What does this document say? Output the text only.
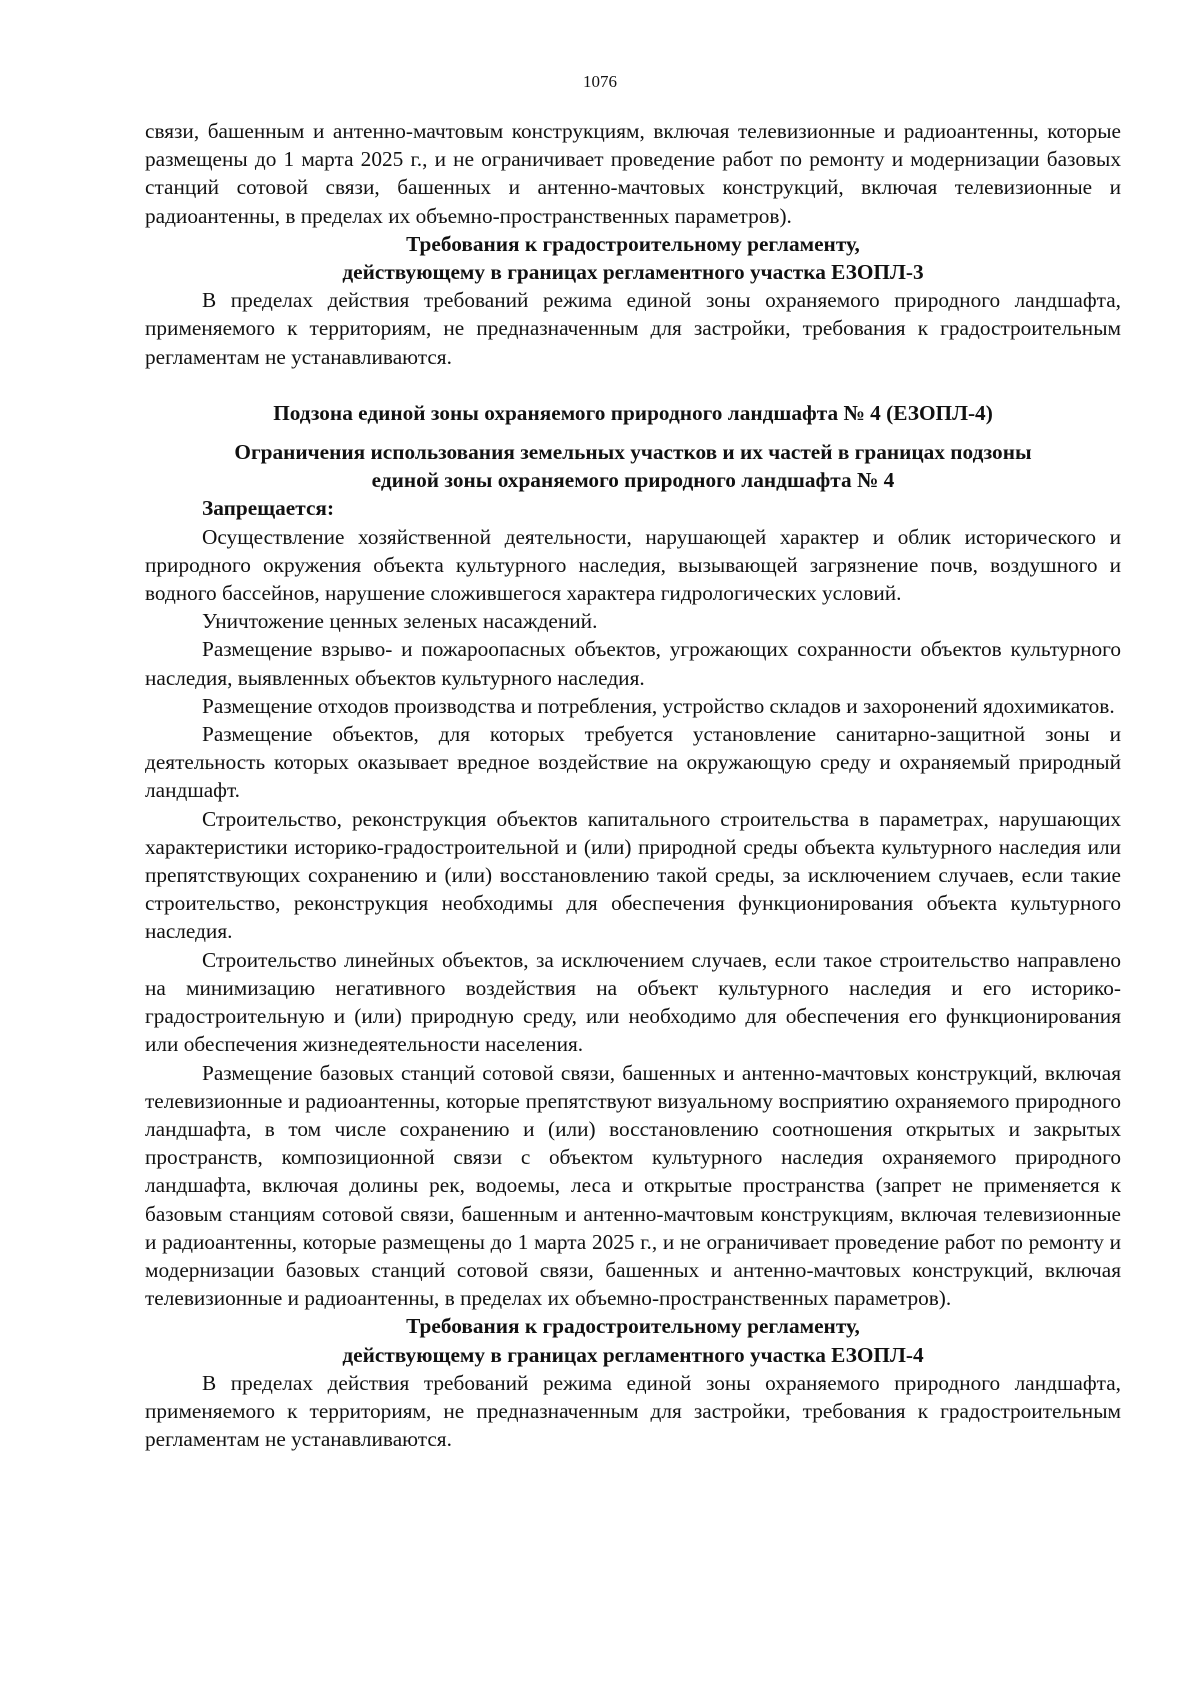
1076

связи, башенным и антенно-мачтовым конструкциям, включая телевизионные и радиоантенны, которые размещены до 1 марта 2025 г., и не ограничивает проведение работ по ремонту и модернизации базовых станций сотовой связи, башенных и антенно-мачтовых конструкций, включая телевизионные и радиоантенны, в пределах их объемно-пространственных параметров).

Требования к градостроительному регламенту,
действующему в границах регламентного участка ЕЗОПЛ-3

В пределах действия требований режима единой зоны охраняемого природного ландшафта, применяемого к территориям, не предназначенным для застройки, требования к градостроительным регламентам не устанавливаются.

Подзона единой зоны охраняемого природного ландшафта № 4 (ЕЗОПЛ-4)
Ограничения использования земельных участков и их частей в границах подзоны
единой зоны охраняемого природного ландшафта № 4
Запрещается:

Осуществление хозяйственной деятельности, нарушающей характер и облик исторического и природного окружения объекта культурного наследия, вызывающей загрязнение почв, воздушного и водного бассейнов, нарушение сложившегося характера гидрологических условий.

Уничтожение ценных зеленых насаждений.

Размещение взрыво- и пожароопасных объектов, угрожающих сохранности объектов культурного наследия, выявленных объектов культурного наследия.

Размещение отходов производства и потребления, устройство складов и захоронений ядохимикатов.

Размещение объектов, для которых требуется установление санитарно-защитной зоны и деятельность которых оказывает вредное воздействие на окружающую среду и охраняемый природный ландшафт.

Строительство, реконструкция объектов капитального строительства в параметрах, нарушающих характеристики историко-градостроительной и (или) природной среды объекта культурного наследия или препятствующих сохранению и (или) восстановлению такой среды, за исключением случаев, если такие строительство, реконструкция необходимы для обеспечения функционирования объекта культурного наследия.

Строительство линейных объектов, за исключением случаев, если такое строительство направлено на минимизацию негативного воздействия на объект культурного наследия и его историко-градостроительную и (или) природную среду, или необходимо для обеспечения его функционирования или обеспечения жизнедеятельности населения.

Размещение базовых станций сотовой связи, башенных и антенно-мачтовых конструкций, включая телевизионные и радиоантенны, которые препятствуют визуальному восприятию охраняемого природного ландшафта, в том числе сохранению и (или) восстановлению соотношения открытых и закрытых пространств, композиционной связи с объектом культурного наследия охраняемого природного ландшафта, включая долины рек, водоемы, леса и открытые пространства (запрет не применяется к базовым станциям сотовой связи, башенным и антенно-мачтовым конструкциям, включая телевизионные и радиоантенны, которые размещены до 1 марта 2025 г., и не ограничивает проведение работ по ремонту и модернизации базовых станций сотовой связи, башенных и антенно-мачтовых конструкций, включая телевизионные и радиоантенны, в пределах их объемно-пространственных параметров).

Требования к градостроительному регламенту,
действующему в границах регламентного участка ЕЗОПЛ-4

В пределах действия требований режима единой зоны охраняемого природного ландшафта, применяемого к территориям, не предназначенным для застройки, требования к градостроительным регламентам не устанавливаются.
